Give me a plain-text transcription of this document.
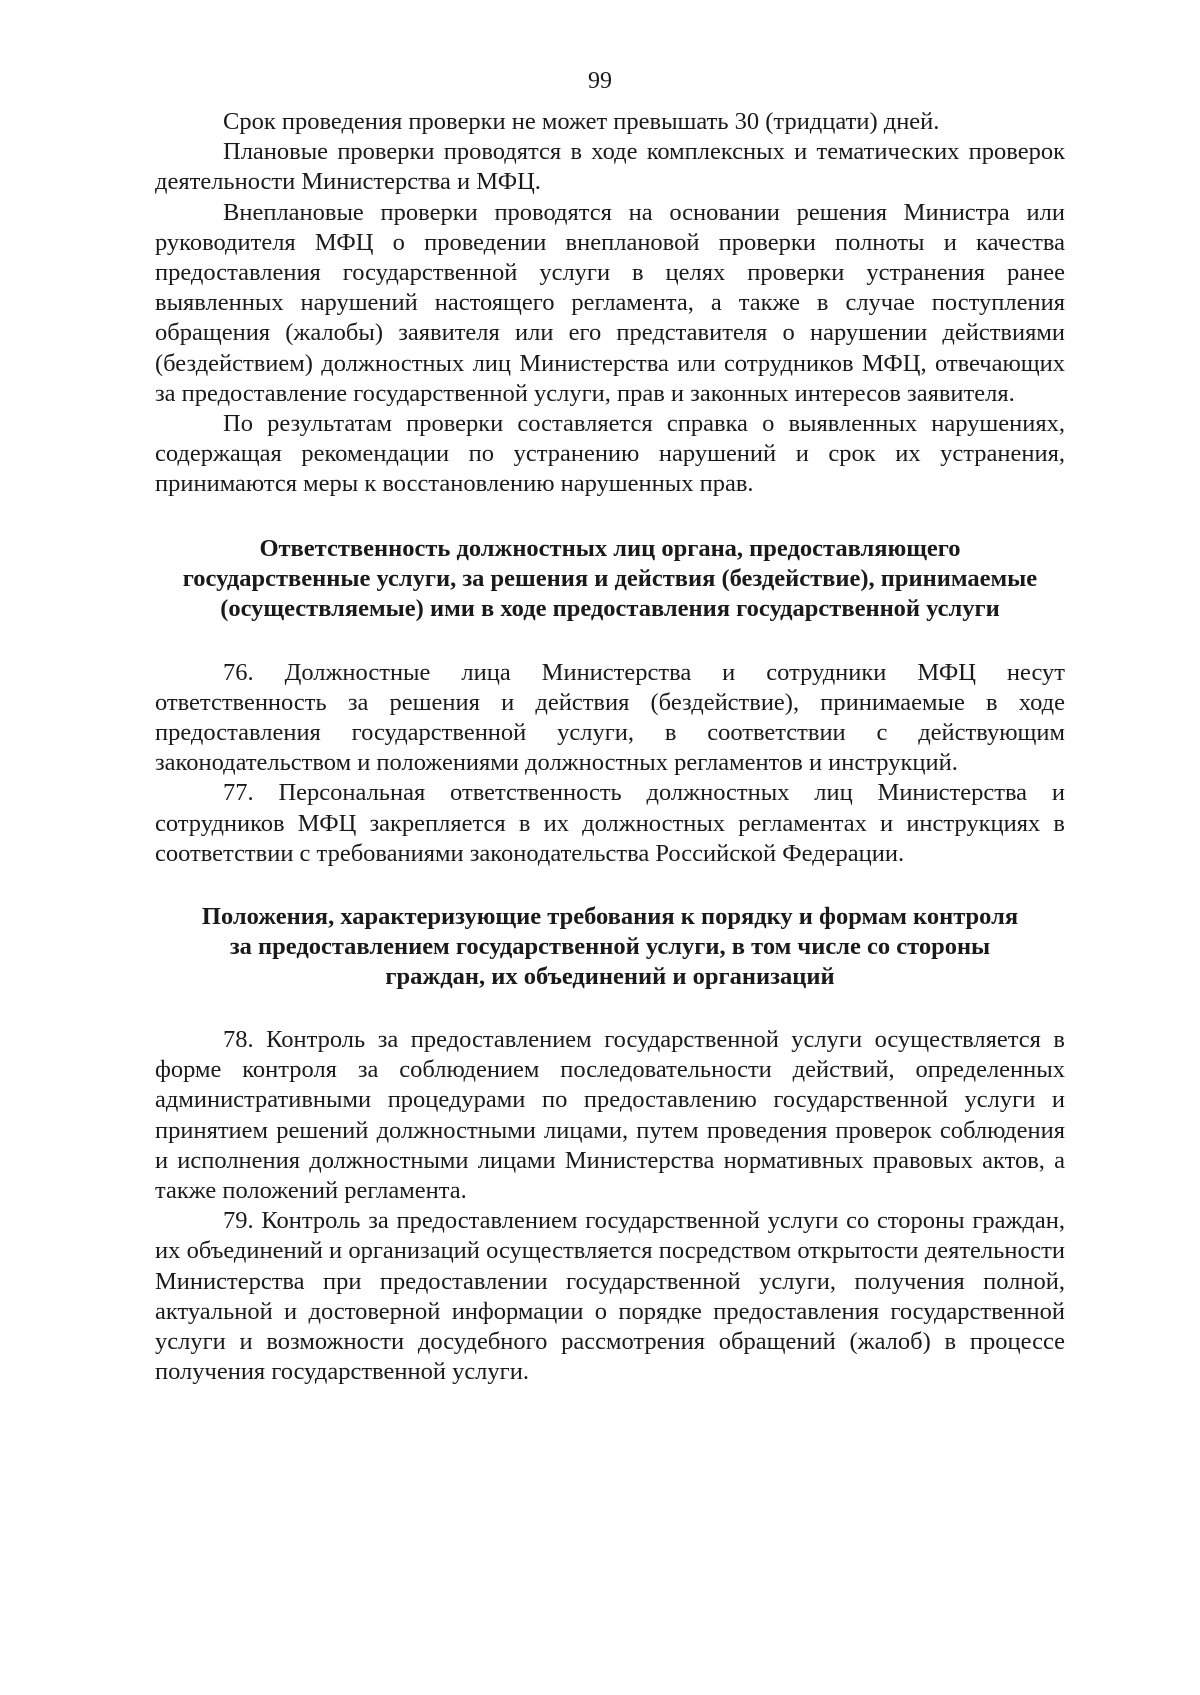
99

Срок проведения проверки не может превышать 30 (тридцати) дней.

Плановые проверки проводятся в ходе комплексных и тематических проверок деятельности Министерства и МФЦ.

Внеплановые проверки проводятся на основании решения Министра или руководителя МФЦ о проведении внеплановой проверки полноты и качества предоставления государственной услуги в целях проверки устранения ранее выявленных нарушений настоящего регламента, а также в случае поступления обращения (жалобы) заявителя или его представителя о нарушении действиями (бездействием) должностных лиц Министерства или сотрудников МФЦ, отвечающих за предоставление государственной услуги, прав и законных интересов заявителя.

По результатам проверки составляется справка о выявленных нарушениях, содержащая рекомендации по устранению нарушений и срок их устранения, принимаются меры к восстановлению нарушенных прав.

Ответственность должностных лиц органа, предоставляющего
государственные услуги, за решения и действия (бездействие), принимаемые
(осуществляемые) ими в ходе предоставления государственной услуги

76. Должностные лица Министерства и сотрудники МФЦ несут ответственность за решения и действия (бездействие), принимаемые в ходе предоставления государственной услуги, в соответствии с действующим законодательством и положениями должностных регламентов и инструкций.

77. Персональная ответственность должностных лиц Министерства и сотрудников МФЦ закрепляется в их должностных регламентах и инструкциях в соответствии с требованиями законодательства Российской Федерации.

Положения, характеризующие требования к порядку и формам контроля
за предоставлением государственной услуги, в том числе со стороны
граждан, их объединений и организаций

78. Контроль за предоставлением государственной услуги осуществляется в форме контроля за соблюдением последовательности действий, определенных административными процедурами по предоставлению государственной услуги и принятием решений должностными лицами, путем проведения проверок соблюдения и исполнения должностными лицами Министерства нормативных правовых актов, а также положений регламента.

79. Контроль за предоставлением государственной услуги со стороны граждан, их объединений и организаций осуществляется посредством открытости деятельности Министерства при предоставлении государственной услуги, получения полной, актуальной и достоверной информации о порядке предоставления государственной услуги и возможности досудебного рассмотрения обращений (жалоб) в процессе получения государственной услуги.
